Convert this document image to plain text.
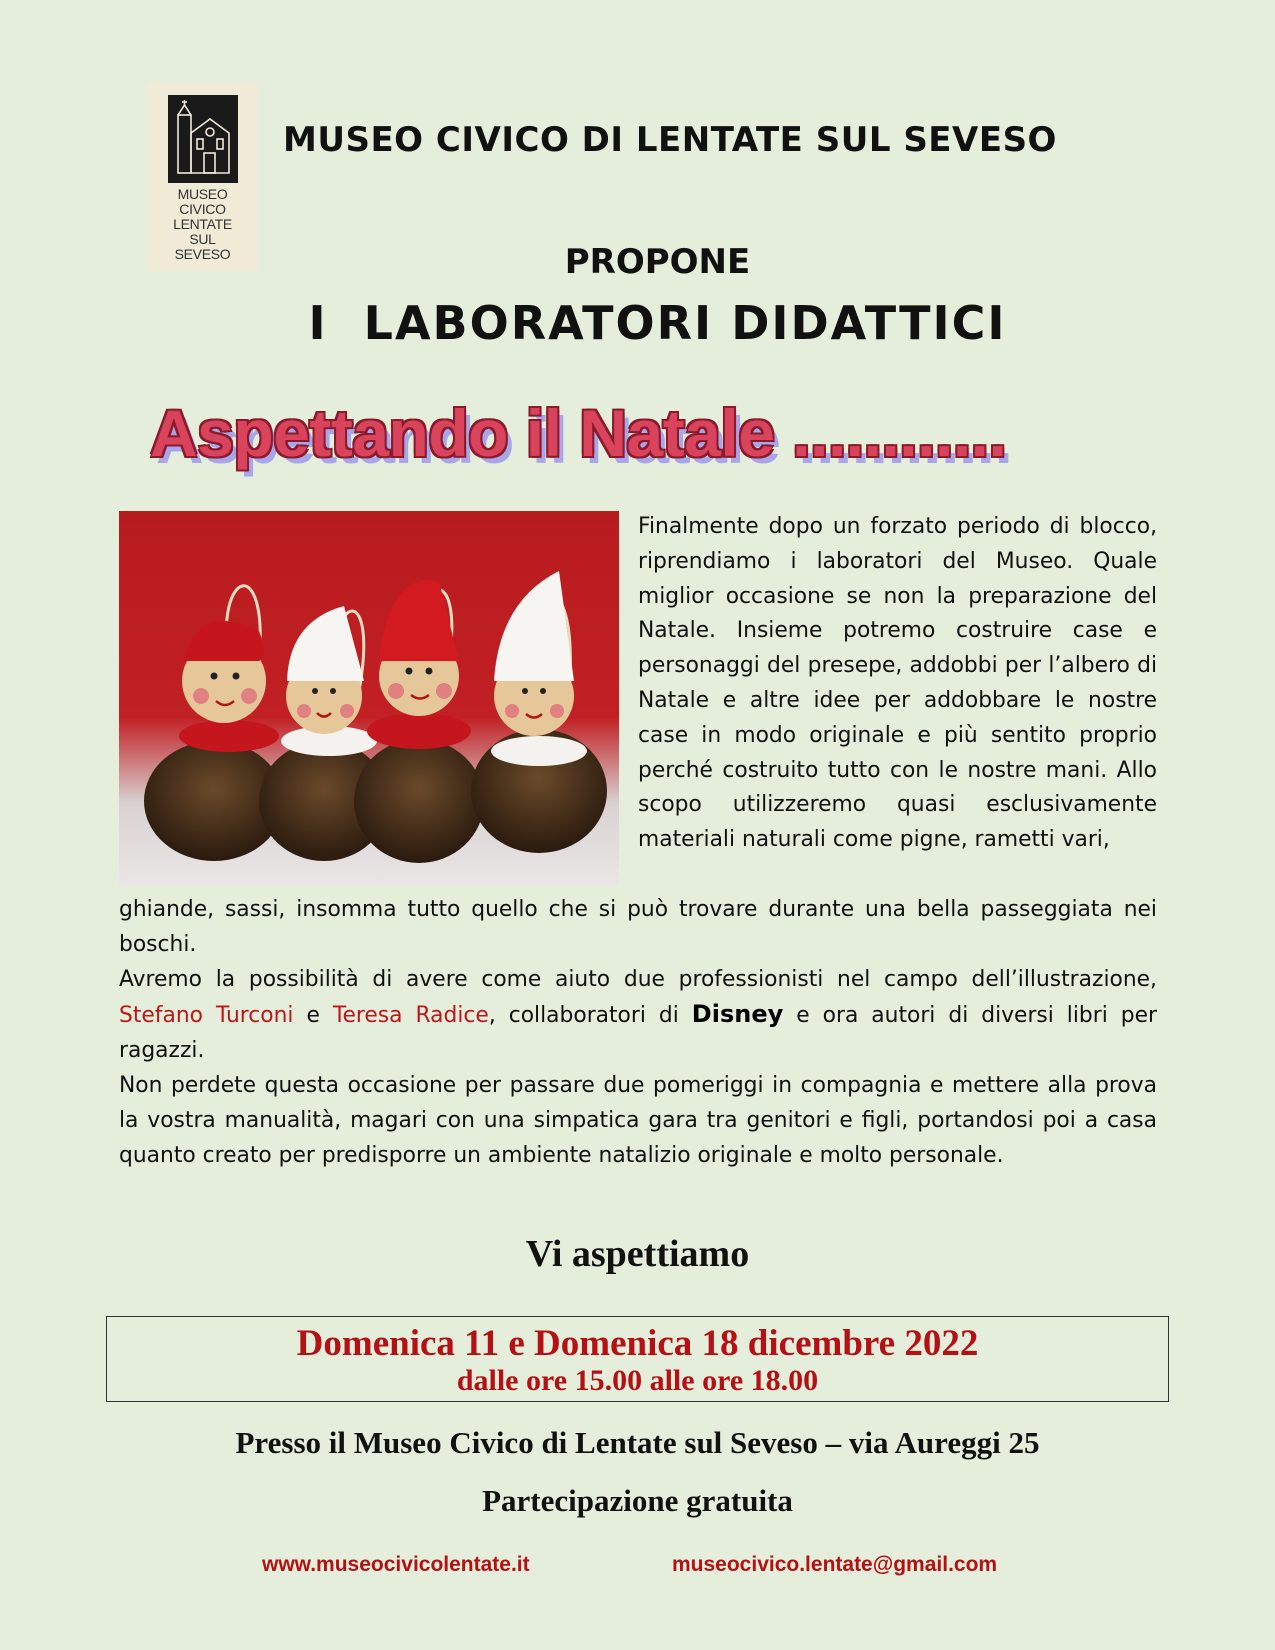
MUSEO
CIVICO
LENTATE
SUL
SEVESO
MUSEO CIVICO DI LENTATE SUL SEVESO
PROPONE
I  LABORATORI DIDATTICI
Aspettando il Natale ............
Finalmente dopo un forzato periodo di blocco, riprendiamo i laboratori del Museo. Quale miglior occasione se non la preparazione del Natale. Insieme potremo costruire case e personaggi del presepe, addobbi per l’albero di Natale e altre idee per addobbare le nostre case in modo originale e più sentito proprio perché costruito tutto con le nostre mani. Allo scopo utilizzeremo quasi esclusivamente materiali naturali come pigne, rametti vari,
ghiande, sassi, insomma tutto quello che si può trovare durante una bella passeggiata nei boschi.
Avremo la possibilità di avere come aiuto due professionisti nel campo dell’illustrazione, Stefano Turconi e Teresa Radice, collaboratori di Disney e ora autori di diversi libri per ragazzi.
Non perdete questa occasione per passare due pomeriggi in compagnia e mettere alla prova la vostra manualità, magari con una simpatica gara tra genitori e figli, portandosi poi a casa quanto creato per predisporre un ambiente natalizio originale e molto personale.
Vi aspettiamo
Domenica 11 e Domenica 18 dicembre 2022
dalle ore 15.00 alle ore 18.00
Presso il Museo Civico di Lentate sul Seveso – via Aureggi 25
Partecipazione gratuita
www.museocivicolentate.it	museocivico.lentate@gmail.com
